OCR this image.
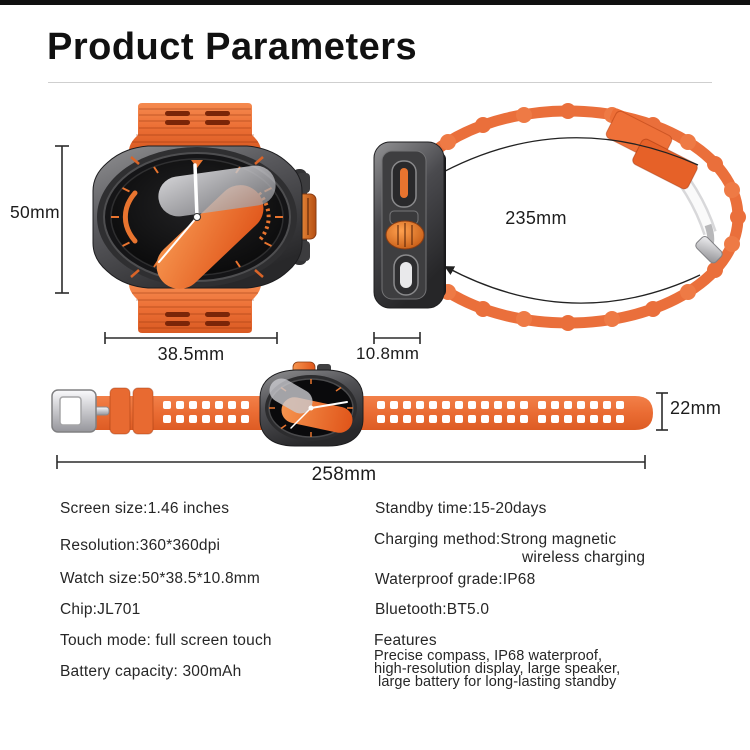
Product Parameters
50mm
38.5mm	10.8mm
235mm
22mm
258mm
Screen size:1.46 inches
Resolution:360*360dpi
Watch size:50*38.5*10.8mm
Chip:JL701
Touch mode: full screen touch
Battery capacity: 300mAh
Standby time:15-20days
Charging method:Strong magnetic
wireless charging
Waterproof grade:IP68
Bluetooth:BT5.0
Features
Precise compass, IP68 waterproof,
high-resolution display, large speaker,
large battery for long-lasting standby
